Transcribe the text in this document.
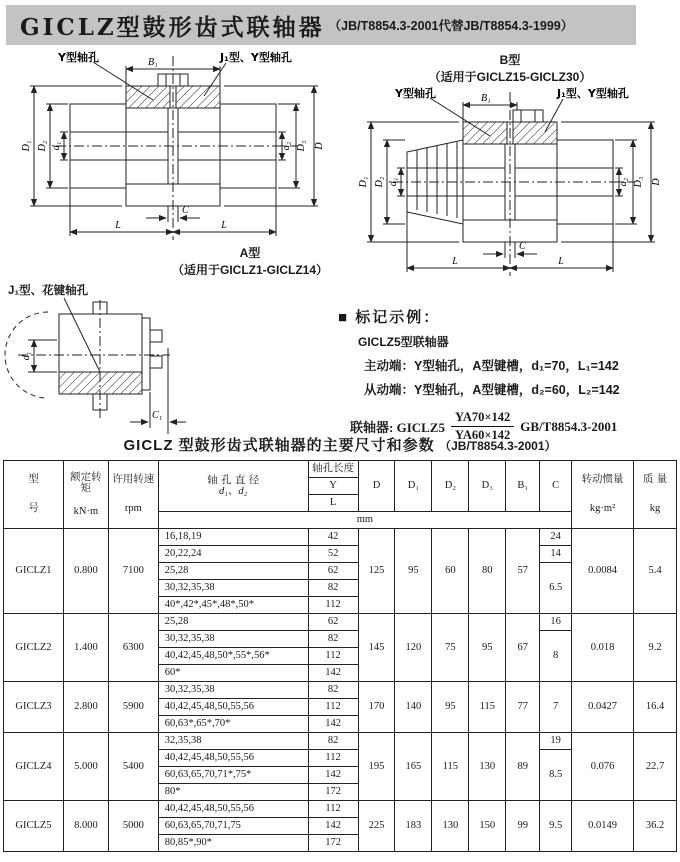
GICLZ型鼓形齿式联轴器 （JB/T8854.3-2001代替JB/T8854.3-1999）
Y型轴孔	J₁型、Y型轴孔
B₁
D₁ D₂ d₁	d₂ D₃ D
C
L	L
A型
（适用于GICLZ1-GICLZ14）
B型
（适用于GICLZ15-GICLZ30）
Y型轴孔	J₁型、Y型轴孔
B₁
D₁ D₂ d₁	d₂ D₃ D
C
L	L
J₁型、花键轴孔
d₁
C₁
■ 标记示例：
GICLZ5型联轴器
主动端：Y型轴孔，A型键槽，d₁=70，L₁=142
从动端：Y型轴孔，A型键槽，d₂=60，L₂=142
联轴器: GICLZ5 $\frac{YA70\times 142}{YA60\times 142} GB/T8854.3-2001$
GICLZ 型鼓形齿式联轴器的主要尺寸和参数 （JB/T8854.3-2001）
型
号

额定转矩
kN·m

许用转速
rpm

轴 孔 直 径
d₁、d₂
	轴孔长度	D	D₁	D₂	D₃	B₁	C	
转动惯量
kg·m²

质 量
kg

				Y								
				L								
			mm									
GICLZ1	0.800	7100	16,18,19	42	125	95	60	80	57	24	0.0084	5.4
			20,22,24	52						14		
			25,28	62						6.5		
			30,32,35,38	82								
			40*,42*,45*,48*,50*	112								
GICLZ2	1.400	6300	25,28	62	145	120	75	95	67	16	0.018	9.2
			30,32,35,38	82						8		
			40,42,45,48,50*,55*,56*	112								
			60*	142								
GICLZ3	2.800	5900	30,32,35,38	82	170	140	95	115	77	7	0.0427	16.4
			40,42,45,48,50,55,56	112								
			60,63*,65*,70*	142								
GICLZ4	5.000	5400	32,35,38	82	195	165	115	130	89	19	0.076	22.7
			40,42,45,48,50,55,56	112						8.5		
			60,63,65,70,71*,75*	142								
			80*	172								
GICLZ5	8.000	5000	40,42,45,48,50,55,56	112	225	183	130	150	99	9.5	0.0149	36.2
			60,63,65,70,71,75	142								
			80,85*,90*	172								
